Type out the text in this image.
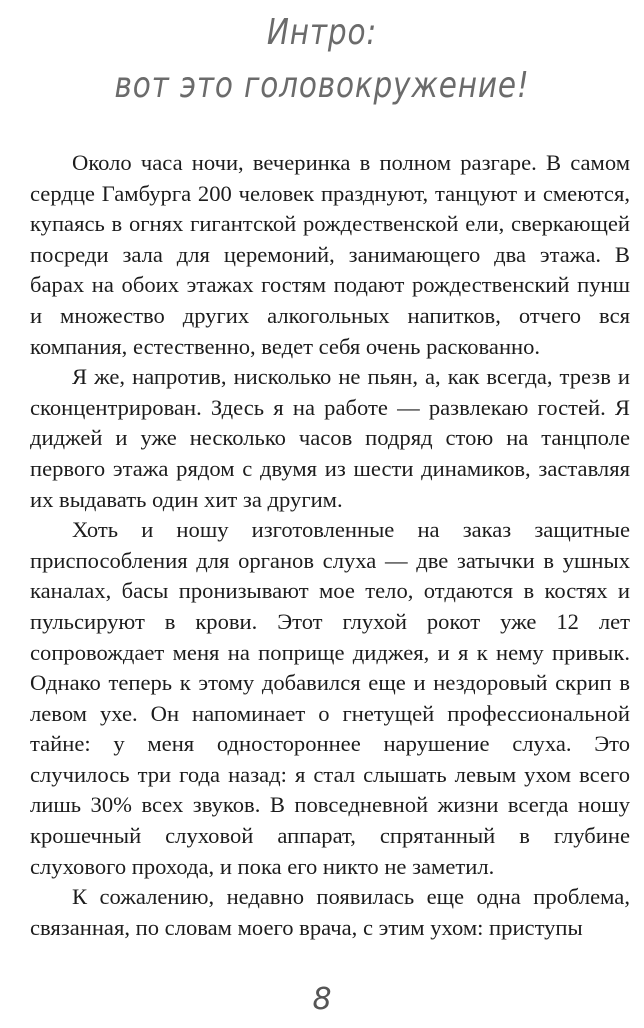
Интро:
вот это головокружение!

Около часа ночи, вечеринка в полном разгаре. В самом сердце Гамбурга 200 человек празднуют, танцуют и смеются, купаясь в огнях гигантской рождественской ели, сверкающей посреди зала для церемоний, занимающего два этажа. В барах на обоих этажах гостям подают рождественский пунш и множество других алкогольных напитков, отчего вся компания, естественно, ведет себя очень раскованно.

Я же, напротив, нисколько не пьян, а, как всегда, трезв и сконцентрирован. Здесь я на работе — развлекаю гостей. Я диджей и уже несколько часов подряд стою на танцполе первого этажа рядом с двумя из шести динамиков, заставляя их выдавать один хит за другим.

Хоть и ношу изготовленные на заказ защитные приспособления для органов слуха — две затычки в ушных каналах, басы пронизывают мое тело, отдаются в костях и пульсируют в крови. Этот глухой рокот уже 12 лет сопровождает меня на поприще диджея, и я к нему привык. Однако теперь к этому добавился еще и нездоровый скрип в левом ухе. Он напоминает о гнетущей профессиональной тайне: у меня одностороннее нарушение слуха. Это случилось три года назад: я стал слышать левым ухом всего лишь 30% всех звуков. В повседневной жизни всегда ношу крошечный слуховой аппарат, спрятанный в глубине слухового прохода, и пока его никто не заметил.

К сожалению, недавно появилась еще одна проблема, связанная, по словам моего врача, с этим ухом: приступы

8
